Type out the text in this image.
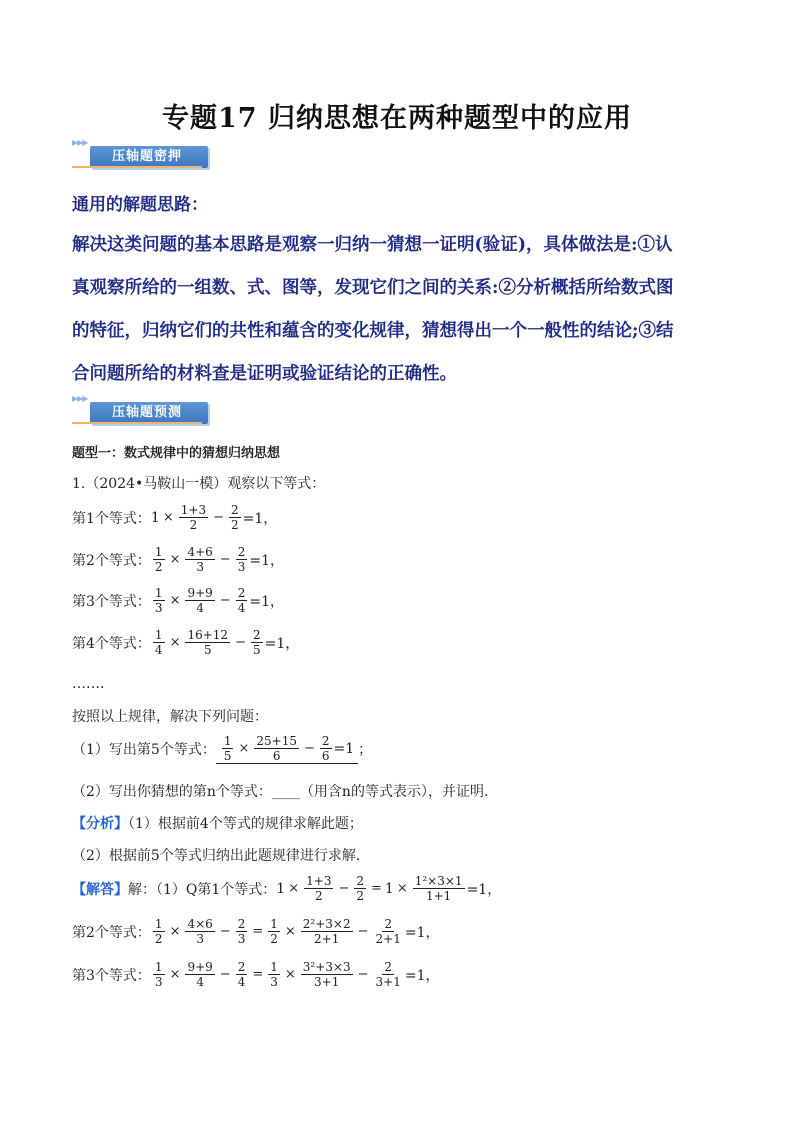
专题17 归纳思想在两种题型中的应用
▶▶▶
压轴题密押
通用的解题思路：
解决这类问题的基本思路是观察一归纳一猜想一证明(验证)，具体做法是:①认
真观察所给的一组数、式、图等，发现它们之间的关系:②分析概括所给数式图
的特征，归纳它们的共性和蕴含的变化规律，猜想得出一个一般性的结论;③结
合问题所给的材料查是证明或验证结论的正确性。
▶▶▶
压轴题预测
题型一：数式规律中的猜想归纳思想
1.（2024•马鞍山一模）观察以下等式：
第1个等式： $1 \times \frac{1+3}{2} - \frac{2}{2} =1$，
第2个等式： $\frac{1}{2} \times \frac{4+6}{3} - \frac{2}{3} =1$，
第3个等式： $\frac{1}{3} \times \frac{9+9}{4} - \frac{2}{4} =1$，
第4个等式： $\frac{1}{4} \times \frac{16+12}{5} - \frac{2}{5} =1$，
…….
按照以上规律，解决下列问题：
（1）写出第5个等式： $\frac{1}{5} \times \frac{25+15}{6} - \frac{2}{6} =1$ ；
（2）写出你猜想的第n个等式：____（用含n的等式表示），并证明．
【分析】（1）根据前4个等式的规律求解此题；
（2）根据前5个等式归纳出此题规律进行求解．
【解答】 解：（1）Q第1个等式： $1 \times \frac{1+3}{2} - \frac{2}{2} = 1 \times \frac{\text{1²×3×1}}{1+1} =1$，
第2个等式： $\frac{1}{2} \times \frac{4\times 6}{3} - \frac{2}{3} = \frac{1}{2} \times \frac{\text{2²+3×2}}{2+1} - \frac{2}{2+1} =1$，
第3个等式： $\frac{1}{3} \times \frac{9+9}{4} - \frac{2}{4} = \frac{1}{3} \times \frac{\text{3²+3×3}}{3+1} - \frac{2}{3+1} =1$，
